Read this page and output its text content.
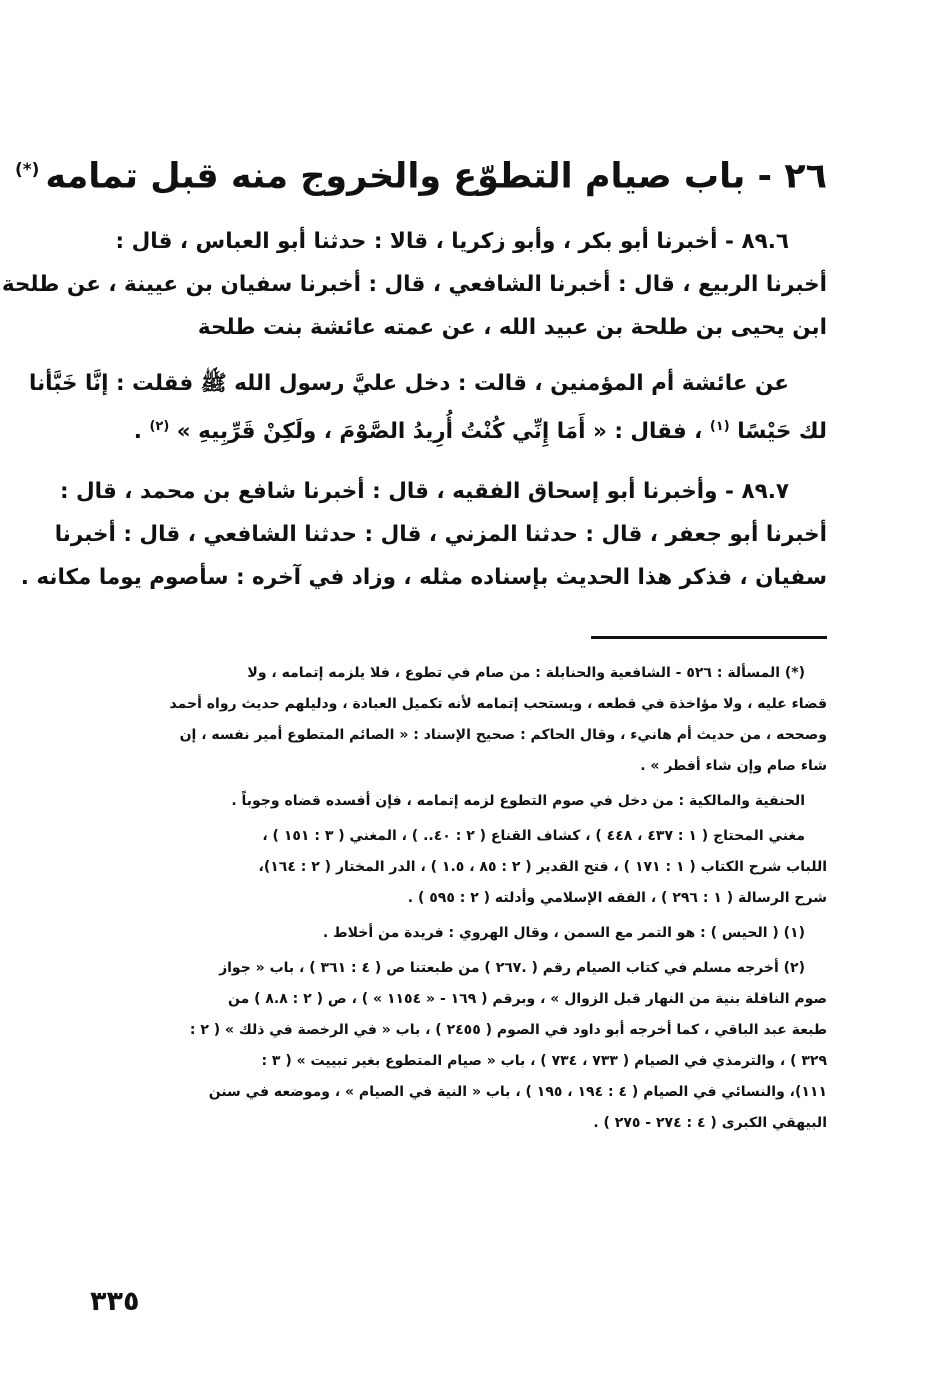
٢٦ - باب صيام التطوّع والخروج منه قبل تمامه(*)
٨٩.٦ - أخبرنا أبو بكر ، وأبو زكريا ، قالا : حدثنا أبو العباس ، قال :
أخبرنا الربيع ، قال : أخبرنا الشافعي ، قال : أخبرنا سفيان بن عيينة ، عن طلحة
ابن يحيى بن طلحة بن عبيد الله ، عن عمته عائشة بنت طلحة
عن عائشة أم المؤمنين ، قالت : دخل عليَّ رسول الله ﷺ فقلت : إنَّا خَبَّأنا
لك حَيْسًا $^{(١)}$ ، فقال : « أَمَا إِنِّي كُنْتُ أُرِيدُ الصَّوْمَ ، ولَكِنْ قَرِّبِيهِ » $^{(٢)}$ .
٨٩.٧ - وأخبرنا أبو إسحاق الفقيه ، قال : أخبرنا شافع بن محمد ، قال :
أخبرنا أبو جعفر ، قال : حدثنا المزني ، قال : حدثنا الشافعي ، قال : أخبرنا
سفيان ، فذكر هذا الحديث بإسناده مثله ، وزاد في آخره : سأصوم يوما مكانه .
(*) المسألة : ٥٢٦ - الشافعية والحنابلة : من صام في تطوع ، فلا يلزمه إتمامه ، ولا
قضاء عليه ، ولا مؤاخذة في قطعه ، ويستحب إتمامه لأنه تكميل العبادة ، ودليلهم حديث رواه أحمد
وصححه ، من حديث أم هانيء ، وقال الحاكم : صحيح الإسناد : « الصائم المتطوع أمير نفسه ، إن
شاء صام وإن شاء أفطر » .
الحنفية والمالكية : من دخل في صوم التطوع لزمه إتمامه ، فإن أفسده قضاه وجوباً .
مغني المحتاج ( ١ : ٤٣٧ ، ٤٤٨ ) ، كشاف القناع ( ٢ : ٤٠.. ) ، المغني ( ٣ : ١٥١ ) ،
اللباب شرح الكتاب ( ١ : ١٧١ ) ، فتح القدير ( ٢ : ٨٥ ، ١.٥ ) ، الدر المختار ( ٢ : ١٦٤)،
شرح الرسالة ( ١ : ٢٩٦ ) ، الفقه الإسلامي وأدلته ( ٢ : ٥٩٥ ) .
(١) ( الحيس ) : هو التمر مع السمن ، وقال الهروي : فريدة من أخلاط .
(٢) أخرجه مسلم في كتاب الصيام رقم ( .٢٦٧ ) من طبعتنا ص ( ٤ : ٣٦١ ) ، باب « جواز
صوم النافلة بنية من النهار قبل الزوال » ، وبرقم ( ١٦٩ - « ١١٥٤ » ) ، ص ( ٢ : ٨.٨ ) من
طبعة عبد الباقي ، كما أخرجه أبو داود في الصوم ( ٢٤٥٥ ) ، باب « في الرخصة في ذلك » ( ٢ :
٣٢٩ ) ، والترمذي في الصيام ( ٧٣٣ ، ٧٣٤ ) ، باب « صيام المتطوع بغير تبييت » ( ٣ :
١١١)، والنسائي في الصيام ( ٤ : ١٩٤ ، ١٩٥ ) ، باب « النية في الصيام » ، وموضعه في سنن
البيهقي الكبرى ( ٤ : ٢٧٤ - ٢٧٥ ) .
٣٣٥
